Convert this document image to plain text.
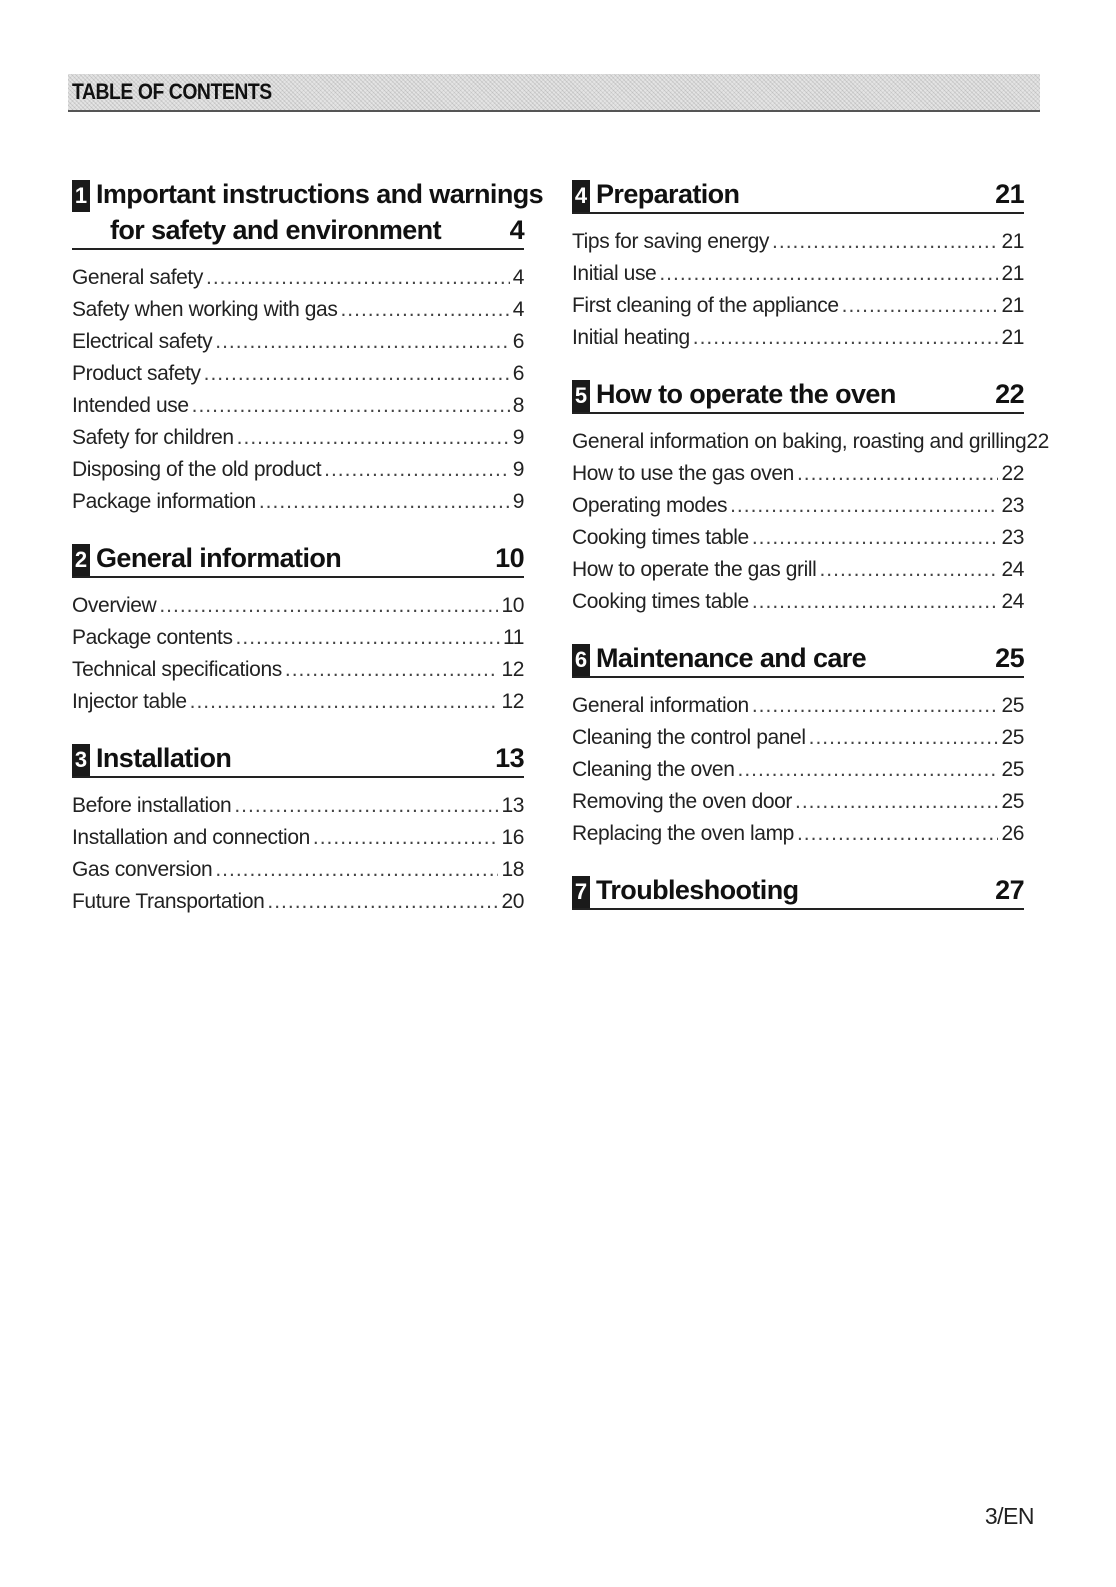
TABLE OF CONTENTS
1 Important instructions and warnings
for safety and environment	4
General safety .....	4
Safety when working with gas .....	4
Electrical safety .....	6
Product safety .....	6
Intended use .....	8
Safety for children .....	9
Disposing of the old product .....	9
Package information .....	9
2 General information	10
Overview .....	10
Package contents .....	11
Technical specifications .....	12
Injector table .....	12
3 Installation	13
Before installation .....	13
Installation and connection .....	16
Gas conversion .....	18
Future Transportation .....	20
4 Preparation	21
Tips for saving energy .....	21
Initial use .....	21
First cleaning of the appliance .....	21
Initial heating .....	21
5 How to operate the oven	22
General information on baking, roasting and grilling 22
How to use the gas oven .....	22
Operating modes .....	23
Cooking times table .....	23
How to operate the gas grill .....	24
Cooking times table .....	24
6 Maintenance and care	25
General information .....	25
Cleaning the control panel .....	25
Cleaning the oven .....	25
Removing the oven door .....	25
Replacing the oven lamp .....	26
7 Troubleshooting	27
3/EN
